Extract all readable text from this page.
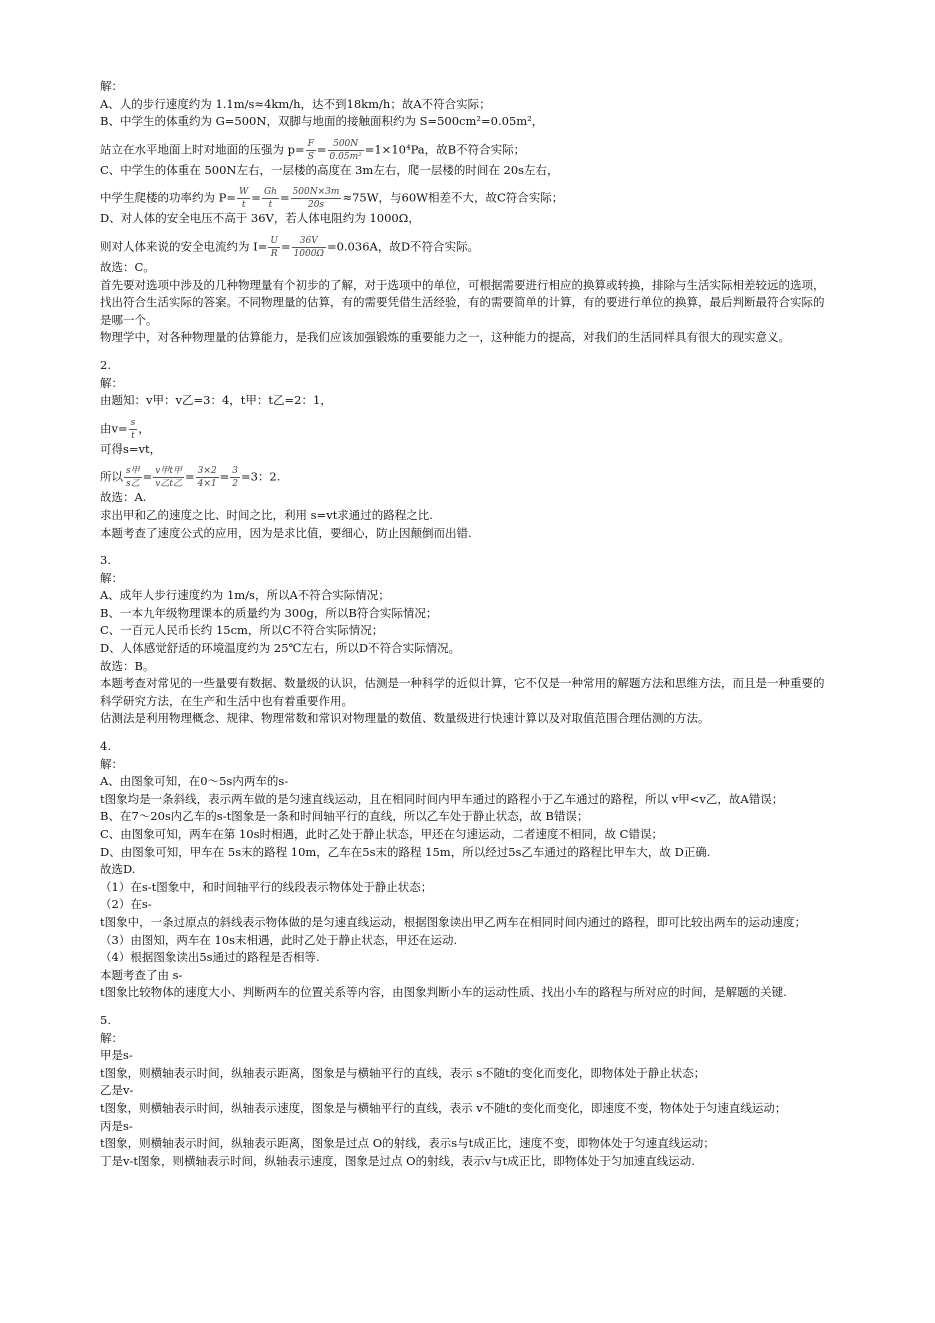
解：
A、人的步行速度约为 1.1m/s≈4km/h，达不到18km/h；故A不符合实际；
B、中学生的体重约为 G=500N，双脚与地面的接触面积约为 S=500cm²=0.05m²，
站立在水平地面上时对地面的压强为 $p= \frac{F}{S} = \frac{500N}{\text{0.05m²}} =1\times 10^4Pa$，故B不符合实际；
C、中学生的体重在 500N左右，一层楼的高度在 3m左右，爬一层楼的时间在 20s左右，
中学生爬楼的功率约为 $P= \frac{W}{t} = \frac{Gh}{t} = \frac{500N\times 3m}{20s} \approx 75W$，与60W相差不大，故C符合实际；
D、对人体的安全电压不高于 36V，若人体电阻约为 1000Ω，
则对人体来说的安全电流约为 $I= \frac{U}{R} = \frac{36V}{1000\Omega} =0.036A$，故D不符合实际。
故选：C。
首先要对选项中涉及的几种物理量有个初步的了解，对于选项中的单位，可根据需要进行相应的换算或转换，排除与生活实际相差较远的选项，找出符合生活实际的答案。不同物理量的估算，有的需要凭借生活经验，有的需要简单的计算，有的要进行单位的换算，最后判断最符合实际的是哪一个。
物理学中，对各种物理量的估算能力，是我们应该加强锻炼的重要能力之一，这种能力的提高，对我们的生活同样具有很大的现实意义。
2.
解：
由题知：v甲：v乙=3：4，t甲：t乙=2：1，
由$v= \frac{s}{t}$ ，
可得s=vt，
所以 s甲
s乙
= v甲t甲
v乙t乙
= $\frac{3\times 2}{4\times 1} = \frac{3}{2} =3$：2.
故选：A.
求出甲和乙的速度之比、时间之比，利用 s=vt求通过的路程之比.
本题考查了速度公式的应用，因为是求比值，要细心，防止因颠倒而出错.
3.
解：
A、成年人步行速度约为 1m/s，所以A不符合实际情况；
B、一本九年级物理课本的质量约为 300g，所以B符合实际情况；
C、一百元人民币长约 15cm，所以C不符合实际情况；
D、人体感觉舒适的环境温度约为 25℃左右，所以D不符合实际情况。
故选：B。
本题考查对常见的一些量要有数据、数量级的认识，估测是一种科学的近似计算，它不仅是一种常用的解题方法和思维方法，而且是一种重要的科学研究方法，在生产和生活中也有着重要作用。
估测法是利用物理概念、规律、物理常数和常识对物理量的数值、数量级进行快速计算以及对取值范围合理估测的方法。
4.
解：
A、由图象可知，在0～5s内两车的s-
t图象均是一条斜线，表示两车做的是匀速直线运动，且在相同时间内甲车通过的路程小于乙车通过的路程，所以 v甲<v乙，故A错误；
B、在7～20s内乙车的s-t图象是一条和时间轴平行的直线，所以乙车处于静止状态，故 B错误；
C、由图象可知，两车在第 10s时相遇，此时乙处于静止状态，甲还在匀速运动，二者速度不相同，故 C错误；
D、由图象可知，甲车在 5s末的路程 10m，乙车在5s末的路程 15m，所以经过5s乙车通过的路程比甲车大，故 D正确.
故选D.
（1）在s-t图象中，和时间轴平行的线段表示物体处于静止状态；
（2）在s-
t图象中，一条过原点的斜线表示物体做的是匀速直线运动，根据图象读出甲乙两车在相同时间内通过的路程，即可比较出两车的运动速度；
（3）由图知，两车在 10s末相遇，此时乙处于静止状态，甲还在运动.
（4）根据图象读出5s通过的路程是否相等.
本题考查了由 s-
t图象比较物体的速度大小、判断两车的位置关系等内容，由图象判断小车的运动性质、找出小车的路程与所对应的时间，是解题的关键.
5.
解：
甲是s-
t图象，则横轴表示时间，纵轴表示距离，图象是与横轴平行的直线，表示 s不随t的变化而变化，即物体处于静止状态；
乙是v-
t图象，则横轴表示时间，纵轴表示速度，图象是与横轴平行的直线，表示 v不随t的变化而变化，即速度不变，物体处于匀速直线运动；
丙是s-
t图象，则横轴表示时间，纵轴表示距离，图象是过点 O的射线，表示s与t成正比，速度不变，即物体处于匀速直线运动；
丁是v-t图象，则横轴表示时间，纵轴表示速度，图象是过点 O的射线，表示v与t成正比，即物体处于匀加速直线运动.
